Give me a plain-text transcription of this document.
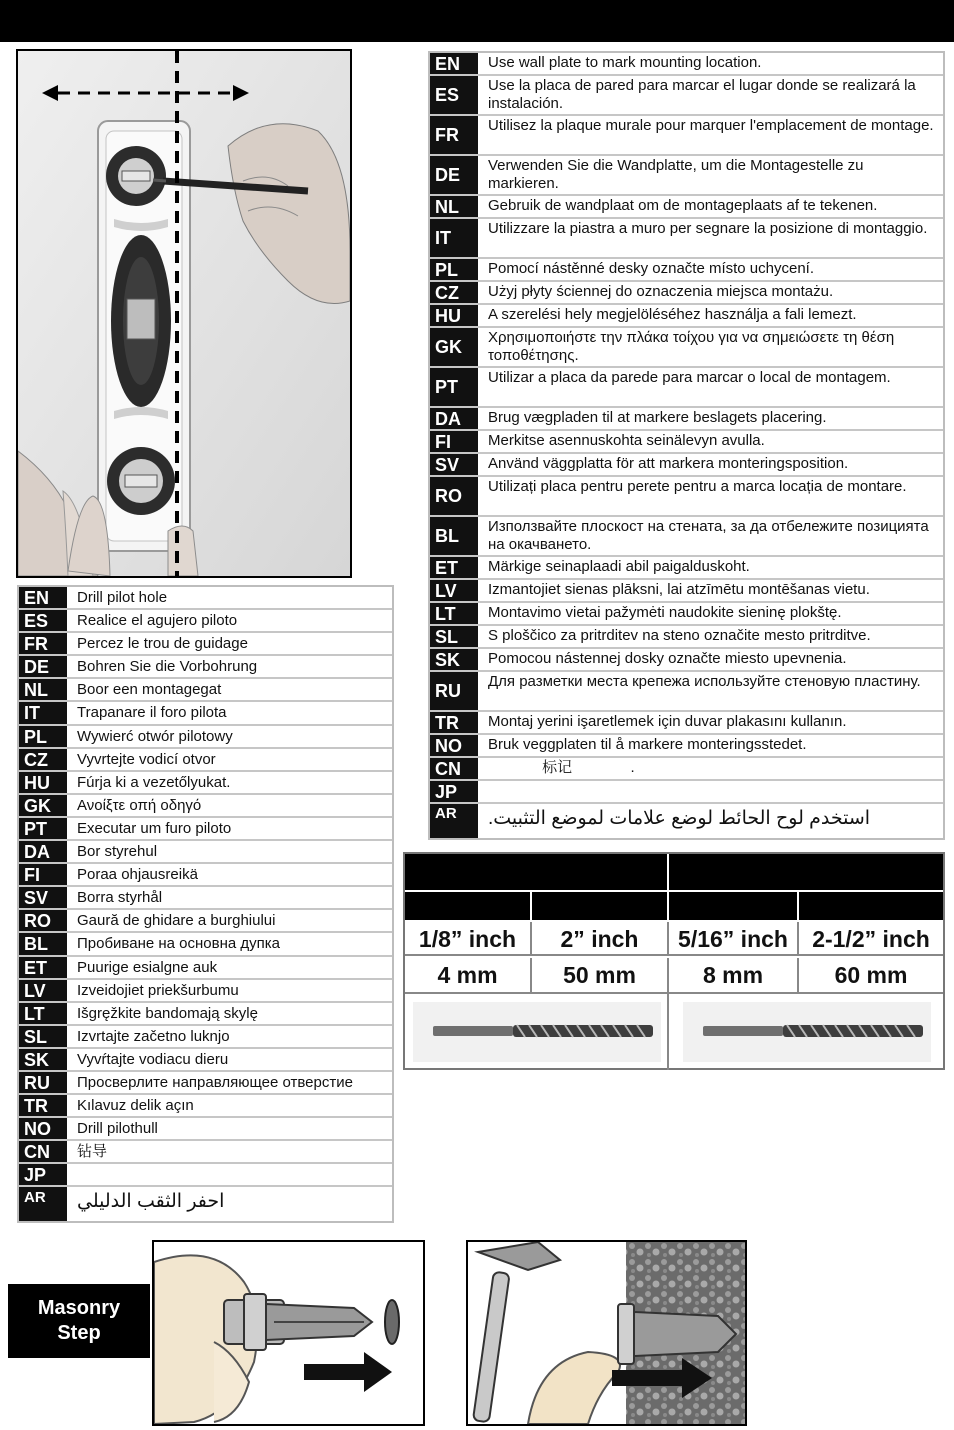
EN	Drill pilot hole
ES	Realice el agujero piloto
FR	Percez le trou de guidage
DE	Bohren Sie die Vorbohrung
NL	Boor een montagegat
IT	Trapanare il foro pilota
PL	Wywierć otwór pilotowy
CZ	Vyvrtejte vodicí otvor
HU	Fúrja ki a vezetőlyukat.
GK	Ανοίξτε οπή οδηγό
PT	Executar um furo piloto
DA	Bor styrehul
FI	Poraa ohjausreikä
SV	Borra styrhål
RO	Gaură de ghidare a burghiului
BL	Пробиване на основна дупка
ET	Puurige esialgne auk
LV	Izveidojiet priekšurbumu
LT	Išgręžkite bandomają skylę
SL	Izvrtajte začetno luknjo
SK	Vyvŕtajte vodiacu dieru
RU	Просверлите направляющее отверстие
TR	Kılavuz delik açın
NO	Drill pilothull
CN	钻导
JP
AR	احفر الثقب الدليلي
EN	Use wall plate to mark mounting location.
ES	Use la placa de pared para marcar el lugar donde se realizará la instalación.
FR	Utilisez la plaque murale pour marquer l'emplacement de montage.
DE	Verwenden Sie die Wandplatte, um die Montagestelle zu markieren.
NL	Gebruik de wandplaat om de montageplaats af te tekenen.
IT	Utilizzare la piastra a muro per segnare la posizione di montaggio.
PL	Pomocí nástěnné desky označte místo uchycení.
CZ	Użyj płyty ściennej do oznaczenia miejsca montażu.
HU	A szerelési hely megjelöléséhez használja a fali lemezt.
GK	Χρησιμοποιήστε την πλάκα τοίχου για να σημειώσετε τη θέση τοποθέτησης.
PT	Utilizar a placa da parede para marcar o local de montagem.
DA	Brug vægpladen til at markere beslagets placering.
FI	Merkitse asennuskohta seinälevyn avulla.
SV	Använd väggplatta för att markera monteringsposition.
RO	Utilizați placa pentru perete pentru a marca locația de montare.
BL	Използвайте плоскост на стената, за да отбележите позицията на окачването.
ET	Märkige seinaplaadi abil paigalduskoht.
LV	Izmantojiet sienas plāksni, lai atzīmētu montēšanas vietu.
LT	Montavimo vietai pažymėti naudokite sieninę plokštę.
SL	S ploščico za pritrditev na steno označite mesto pritrditve.
SK	Pomocou nástennej dosky označte miesto upevnenia.
RU	Для разметки места крепежа используйте стеновую пластину.
TR	Montaj yerini işaretlemek için duvar plakasını kullanın.
NO	Bruk veggplaten til å markere monteringsstedet.
CN	标记              .
JP
AR	استخدم لوح الحائط لوضع علامات لموضع التثبيت.
1/8” inch	2” inch	5/16” inch	2-1/2” inch
4 mm	50 mm	8 mm	60 mm
Masonry
Step
